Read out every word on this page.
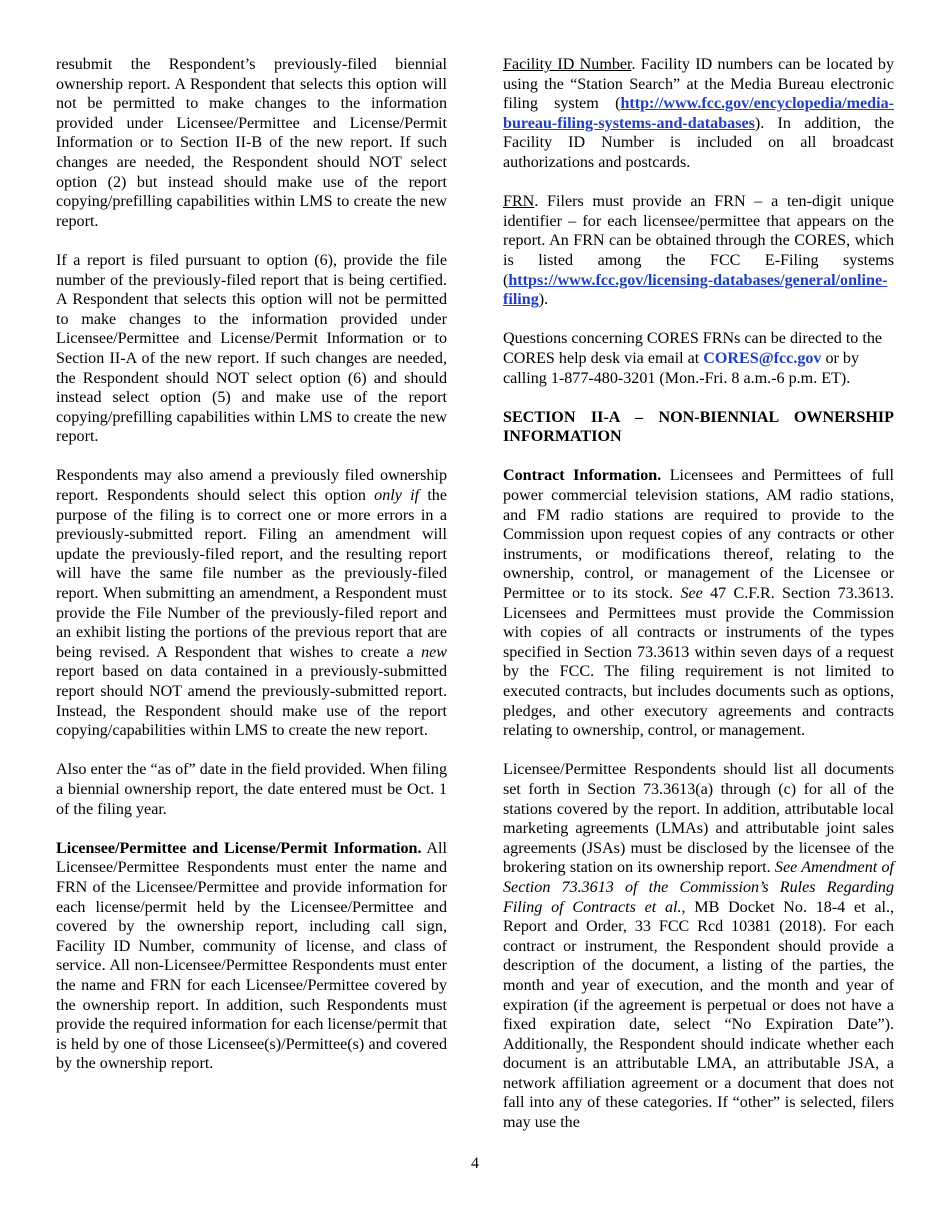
resubmit the Respondent’s previously-filed biennial ownership report. A Respondent that selects this option will not be permitted to make changes to the information provided under Licensee/Permittee and License/Permit Information or to Section II-B of the new report. If such changes are needed, the Respondent should NOT select option (2) but instead should make use of the report copying/prefilling capabilities within LMS to create the new report.

If a report is filed pursuant to option (6), provide the file number of the previously-filed report that is being certified. A Respondent that selects this option will not be permitted to make changes to the information provided under Licensee/Permittee and License/Permit Information or to Section II-A of the new report. If such changes are needed, the Respondent should NOT select option (6) and should instead select option (5) and make use of the report copying/prefilling capabilities within LMS to create the new report.

Respondents may also amend a previously filed ownership report. Respondents should select this option only if the purpose of the filing is to correct one or more errors in a previously-submitted report. Filing an amendment will update the previously-filed report, and the resulting report will have the same file number as the previously-filed report. When submitting an amendment, a Respondent must provide the File Number of the previously-filed report and an exhibit listing the portions of the previous report that are being revised. A Respondent that wishes to create a new report based on data contained in a previously-submitted report should NOT amend the previously-submitted report. Instead, the Respondent should make use of the report copying/capabilities within LMS to create the new report.

Also enter the “as of” date in the field provided. When filing a biennial ownership report, the date entered must be Oct. 1 of the filing year.

Licensee/Permittee and License/Permit Information. All Licensee/Permittee Respondents must enter the name and FRN of the Licensee/Permittee and provide information for each license/permit held by the Licensee/Permittee and covered by the ownership report, including call sign, Facility ID Number, community of license, and class of service. All non-Licensee/Permittee Respondents must enter the name and FRN for each Licensee/Permittee covered by the ownership report. In addition, such Respondents must provide the required information for each license/permit that is held by one of those Licensee(s)/Permittee(s) and covered by the ownership report.

Facility ID Number. Facility ID numbers can be located by using the “Station Search” at the Media Bureau electronic filing system (http://www.fcc.gov/encyclopedia/media-bureau-filing-systems-and-databases). In addition, the Facility ID Number is included on all broadcast authorizations and postcards.

FRN. Filers must provide an FRN – a ten-digit unique identifier – for each licensee/permittee that appears on the report. An FRN can be obtained through the CORES, which is listed among the FCC E-Filing systems (https://www.fcc.gov/licensing-databases/general/online-filing).

Questions concerning CORES FRNs can be directed to the CORES help desk via email at CORES@fcc.gov or by calling 1-877-480-3201 (Mon.-Fri. 8 a.m.-6 p.m. ET).

SECTION II-A – NON-BIENNIAL OWNERSHIP INFORMATION

Contract Information. Licensees and Permittees of full power commercial television stations, AM radio stations, and FM radio stations are required to provide to the Commission upon request copies of any contracts or other instruments, or modifications thereof, relating to the ownership, control, or management of the Licensee or Permittee or to its stock. See 47 C.F.R. Section 73.3613. Licensees and Permittees must provide the Commission with copies of all contracts or instruments of the types specified in Section 73.3613 within seven days of a request by the FCC. The filing requirement is not limited to executed contracts, but includes documents such as options, pledges, and other executory agreements and contracts relating to ownership, control, or management.

Licensee/Permittee Respondents should list all documents set forth in Section 73.3613(a) through (c) for all of the stations covered by the report. In addition, attributable local marketing agreements (LMAs) and attributable joint sales agreements (JSAs) must be disclosed by the licensee of the brokering station on its ownership report. See Amendment of Section 73.3613 of the Commission’s Rules Regarding Filing of Contracts et al., MB Docket No. 18-4 et al., Report and Order, 33 FCC Rcd 10381 (2018). For each contract or instrument, the Respondent should provide a description of the document, a listing of the parties, the month and year of execution, and the month and year of expiration (if the agreement is perpetual or does not have a fixed expiration date, select “No Expiration Date”). Additionally, the Respondent should indicate whether each document is an attributable LMA, an attributable JSA, a network affiliation agreement or a document that does not fall into any of these categories. If “other” is selected, filers may use the

4
